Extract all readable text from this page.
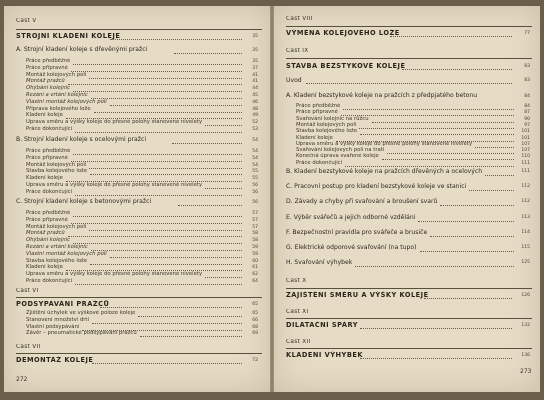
Část V
STROJNÍ KLADENÍ KOLEJE	35
A. Strojní kladení koleje s dřevěnými pražci	35
B. Strojní kladení koleje s ocelovými pražci	54
C. Strojní kladení koleje s betonovými pražci	56
Část VI
PODSYPÁVÁNÍ PRAŽCŮ	65
Část VII
DEMONTÁŽ KOLEJE	72
272
Práce předběžné	35
Práce přípravné	37
Montáž kolejových polí	41
Montáž pražců	41
Ohýbání kolejnic	44
Řezání a vrtání kolejnic	45
Vlastní montáž kolejových polí	46
Příprava kolejového lože	48
Kladení koleje	49
Úprava směru a výšky koleje do přesné polohy stanovené nivelety	52
Práce dokončující	53
Práce předběžné	54
Práce přípravné	54
Montáž kolejových polí	54
Stavba kolejového lože	55
Kladení koleje	55
Úprava směru a výšky koleje do přesné polohy stanovené nivelety	56
Práce dokončující	56
Práce předběžné	57
Práce přípravné	57
Montáž kolejových polí	57
Montáž pražců	58
Ohýbání kolejnic	58
Řezání a vrtání kolejnic	59
Vlastní montáž kolejových polí	59
Stavba kolejového lože	60
Kladení koleje	61
Úprava směru a výšky koleje do přesné polohy stanovené nivelety	62
Práce dokončující	64
Zjištění úchylek ve výškové poloze koleje	65
Stanovení množství drti	66
Vlastní podsypávání	68
Závěr – pneumatické podsypávání pražců	69
Část VIII
VÝMĚNA KOLEJOVÉHO LOŽE	77
Část IX
STAVBA BEZSTYKOVÉ KOLEJE	83
Úvod	83
A. Kladení bezstykové koleje na pražcích z předpjatého betonu	84
Část X
ZAJIŠTĚNÍ SMĚRU A VÝŠKY KOLEJE	126
Část XI
DILATAČNÍ SPÁRY	132
Část XII
KLADENÍ VÝHYBEK	136
273
Práce předběžné	84
Práce přípravné	87
Svařování kolejnic na růžcu	90
Montáž kolejových polí	97
Stavba kolejového lože	101
Kladení koleje	101
Úprava směru a výšky koleje do přesné polohy stanovené nivelety	107
Svařování kolejových polí na trati	107
Konečná úprava svařené koleje	110
Práce dokončující	111
B. Kladení bezstykové koleje na pražcích dřevěných a ocelových	111
C. Pracovní postup pro kladení bezstykové koleje ve stanici	112
D. Závady a chyby při svařování a broušení svarů	112
E. Výběr svářečů a jejich odborné vzdělání	113
F. Bezpečnostní pravidla pro svářeče a brusiče	114
G. Elektrické odporové svařování (na tupo)	115
H. Svařování výhybek	125
